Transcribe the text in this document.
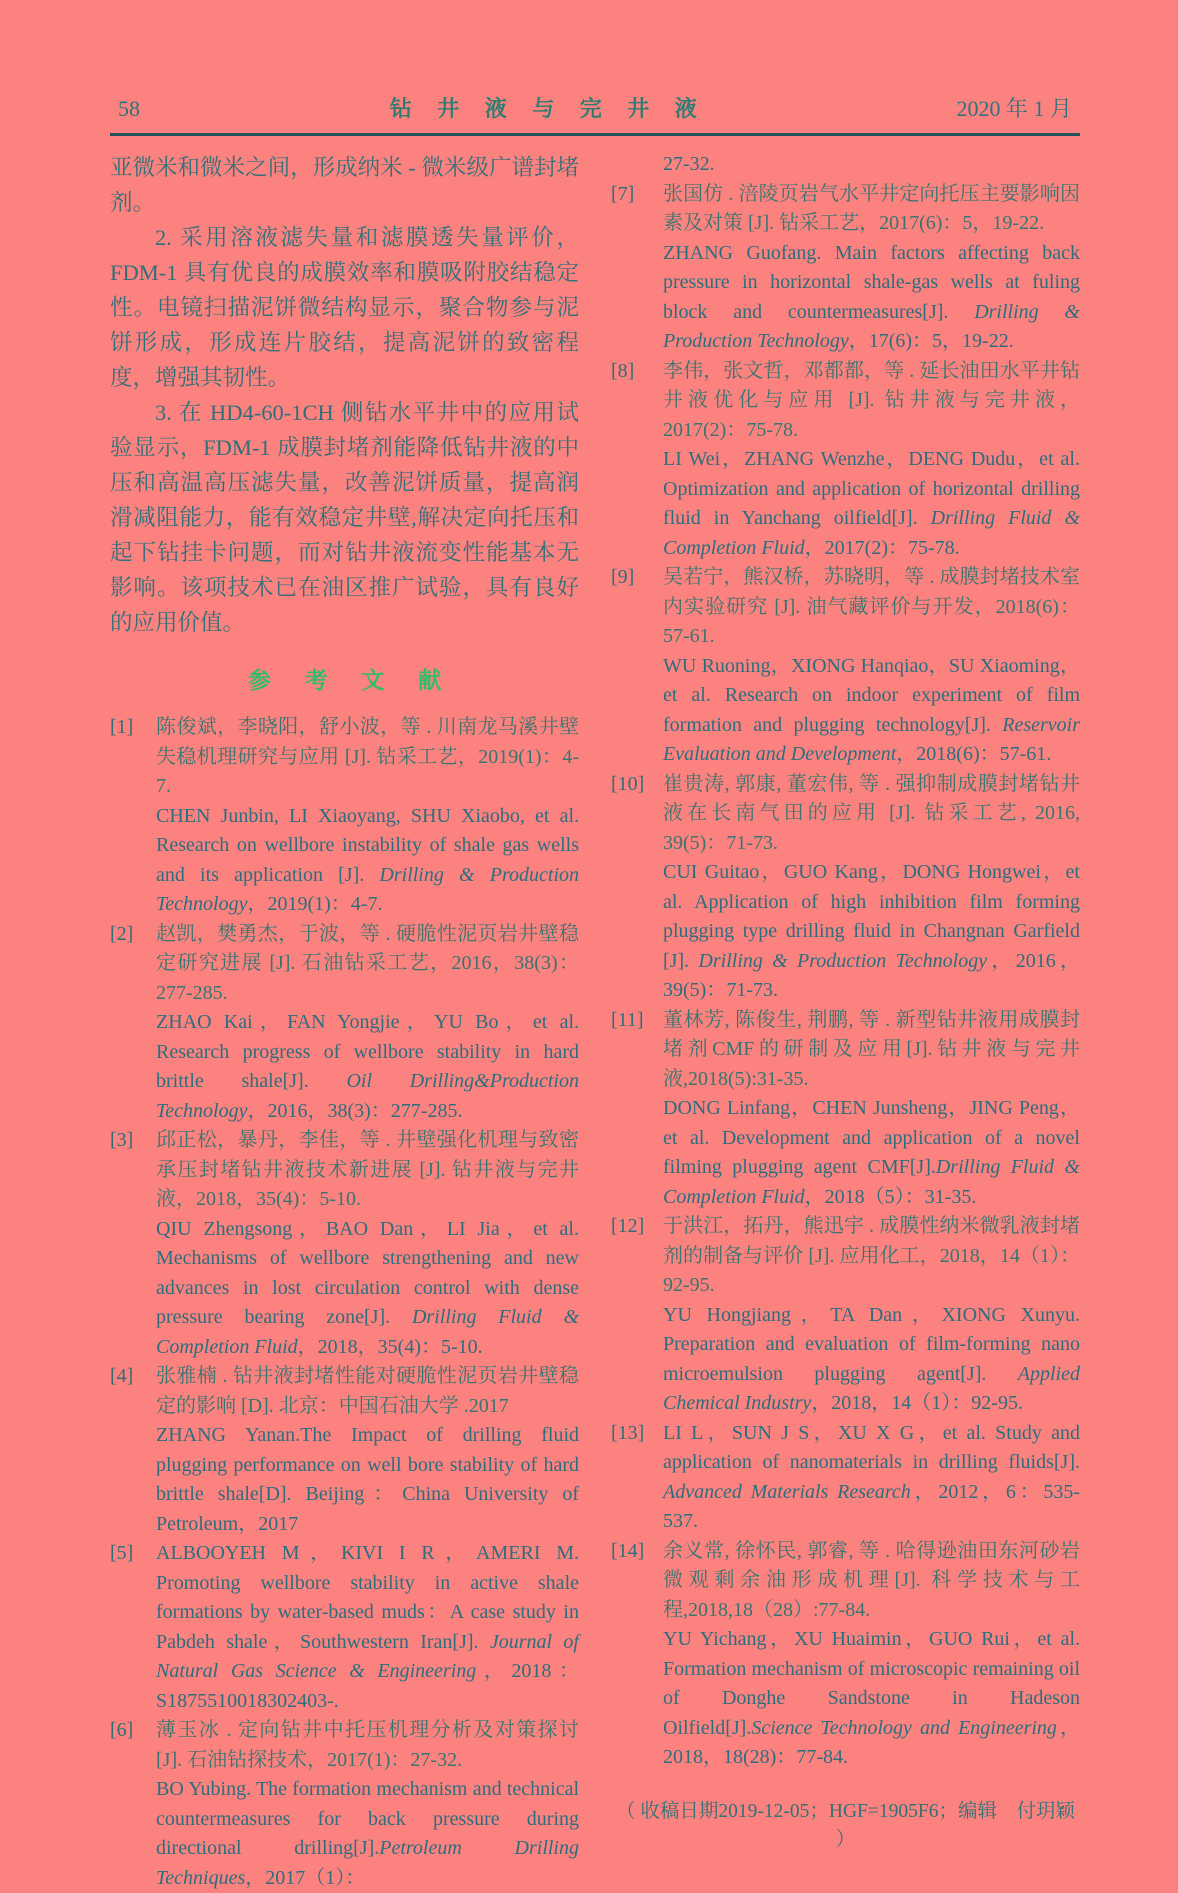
58	钻 井 液 与 完 井 液	2020 年 1 月
亚微米和微米之间，形成纳米 - 微米级广谱封堵剂。
2. 采用溶液滤失量和滤膜透失量评价，FDM-1 具有优良的成膜效率和膜吸附胶结稳定性。电镜扫描泥饼微结构显示，聚合物参与泥饼形成，形成连片胶结，提高泥饼的致密程度，增强其韧性。
3. 在 HD4-60-1CH 侧钻水平井中的应用试验显示，FDM-1 成膜封堵剂能降低钻井液的中压和高温高压滤失量，改善泥饼质量，提高润滑减阻能力，能有效稳定井壁,解决定向托压和起下钻挂卡问题，而对钻井液流变性能基本无影响。该项技术已在油区推广试验，具有良好的应用价值。
参 考 文 献
[1] 陈俊斌，李晓阳，舒小波，等 . 川南龙马溪井壁失稳机理研究与应用 [J]. 钻采工艺，2019(1)：4-7.
CHEN Junbin, LI Xiaoyang, SHU Xiaobo, et al. Research on wellbore instability of shale gas wells and its application [J]. Drilling & Production Technology，2019(1)：4-7.
[2] 赵凯，樊勇杰，于波，等 . 硬脆性泥页岩井壁稳定研究进展 [J]. 石油钻采工艺，2016，38(3)：277-285.
ZHAO Kai，FAN Yongjie，YU Bo，et al. Research progress of wellbore stability in hard brittle shale[J]. Oil Drilling&Production Technology，2016，38(3)：277-285.
[3] 邱正松，暴丹，李佳，等 . 井壁强化机理与致密承压封堵钻井液技术新进展 [J]. 钻井液与完井液，2018，35(4)：5-10.
QIU Zhengsong，BAO Dan，LI Jia，et al. Mechanisms of wellbore strengthening and new advances in lost circulation control with dense pressure bearing zone[J]. Drilling Fluid & Completion Fluid，2018，35(4)：5-10.
[4] 张雅楠 . 钻井液封堵性能对硬脆性泥页岩井壁稳定的影响 [D]. 北京：中国石油大学 .2017
ZHANG Yanan.The Impact of drilling fluid plugging performance on well bore stability of hard brittle shale[D]. Beijing：China University of Petroleum，2017
[5] ALBOOYEH M，KIVI I R，AMERI M. Promoting wellbore stability in active shale formations by water-based muds：A case study in Pabdeh shale，Southwestern Iran[J]. Journal of Natural Gas Science & Engineering，2018：S1875510018302403-.
[6] 薄玉冰 . 定向钻井中托压机理分析及对策探讨 [J]. 石油钻探技术，2017(1)：27-32.
BO Yubing. The formation mechanism and technical countermeasures for back pressure during directional drilling[J].Petroleum Drilling Techniques，2017（1）：
27-32.
[7] 张国仿 . 涪陵页岩气水平井定向托压主要影响因素及对策 [J]. 钻采工艺，2017(6)：5，19-22.
ZHANG Guofang. Main factors affecting back pressure in horizontal shale-gas wells at fuling block and countermeasures[J]. Drilling & Production Technology，17(6)：5，19-22.
[8] 李伟，张文哲，邓都都，等 . 延长油田水平井钻井液优化与应用 [J]. 钻井液与完井液，2017(2)：75-78.
LI Wei，ZHANG Wenzhe，DENG Dudu，et al. Optimization and application of horizontal drilling fluid in Yanchang oilfield[J]. Drilling Fluid & Completion Fluid，2017(2)：75-78.
[9] 吴若宁，熊汉桥，苏晓明，等 . 成膜封堵技术室内实验研究 [J]. 油气藏评价与开发，2018(6)：57-61.
WU Ruoning，XIONG Hanqiao，SU Xiaoming，et al. Research on indoor experiment of film formation and plugging technology[J]. Reservoir Evaluation and Development，2018(6)：57-61.
[10] 崔贵涛, 郭康, 董宏伟, 等 . 强抑制成膜封堵钻井液在长南气田的应用 [J]. 钻采工艺, 2016, 39(5)：71-73.
CUI Guitao，GUO Kang，DONG Hongwei，et al. Application of high inhibition film forming plugging type drilling fluid in Changnan Garfield [J]. Drilling & Production Technology，2016，39(5)：71-73.
[11] 董林芳, 陈俊生, 荆鹏, 等 . 新型钻井液用成膜封堵剂CMF的研制及应用[J].钻井液与完井液,2018(5):31-35.
DONG Linfang，CHEN Junsheng，JING Peng，et al. Development and application of a novel filming plugging agent CMF[J].Drilling Fluid & Completion Fluid，2018（5）：31-35.
[12] 于洪江，拓丹，熊迅宇 . 成膜性纳米微乳液封堵剂的制备与评价 [J]. 应用化工，2018，14（1）：92-95.
YU Hongjiang，TA Dan，XIONG Xunyu. Preparation and evaluation of film-forming nano microemulsion plugging agent[J]. Applied Chemical Industry，2018，14（1）：92-95.
[13] LI L，SUN J S，XU X G，et al. Study and application of nanomaterials in drilling fluids[J]. Advanced Materials Research，2012，6：535-537.
[14] 余义常, 徐怀民, 郭睿, 等 . 哈得逊油田东河砂岩微观剩余油形成机理[J]. 科学技术与工程,2018,18（28）:77-84.
YU Yichang，XU Huaimin，GUO Rui，et al. Formation mechanism of microscopic remaining oil of Donghe Sandstone in Hadeson Oilfield[J].Science Technology and Engineering，2018，18(28)：77-84.
（ 收稿日期2019-12-05；HGF=1905F6；编辑　付玥颖 ）
